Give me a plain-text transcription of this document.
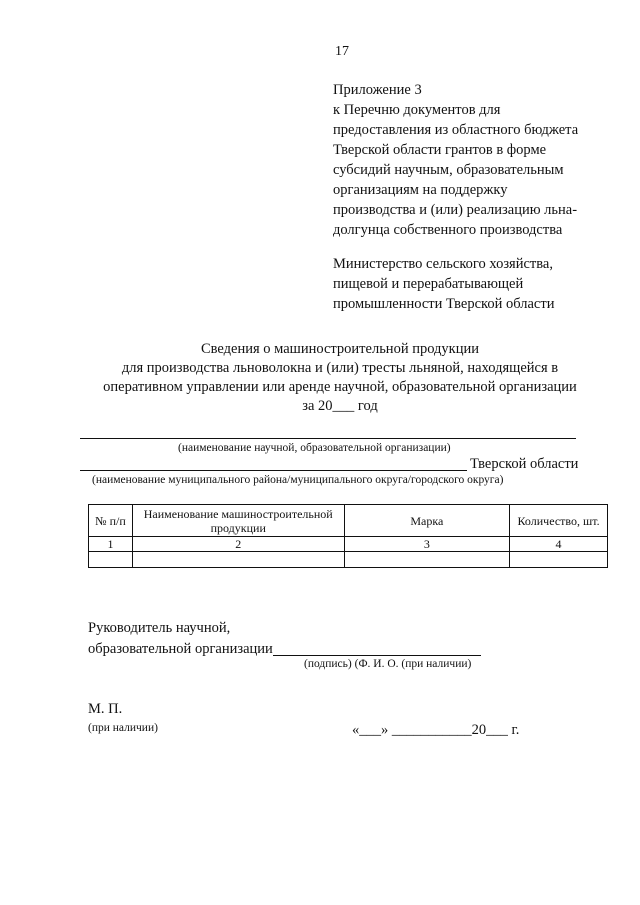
17
Приложение 3
к Перечню документов для
предоставления из областного бюджета
Тверской области грантов в форме
субсидий научным, образовательным
организациям на поддержку
производства и (или) реализацию льна-
долгунца собственного производства
Министерство сельского хозяйства,
пищевой и перерабатывающей
промышленности Тверской области
Сведения о машиностроительной продукции
для производства льноволокна и (или) тресты льняной, находящейся в
оперативном управлении или аренде научной, образовательной организации
за 20___ год
(наименование научной, образовательной организации)
Тверской области
(наименование муниципального района/муниципального округа/городского округа)
№ п/п	Наименование машиностроительной продукции	Марка	Количество, шт.
1	2	3	4

Руководитель научной,
образовательной организации
(подпись) (Ф. И. О. (при наличии)
М. П.
(при наличии)	«___» ___________20___ г.
